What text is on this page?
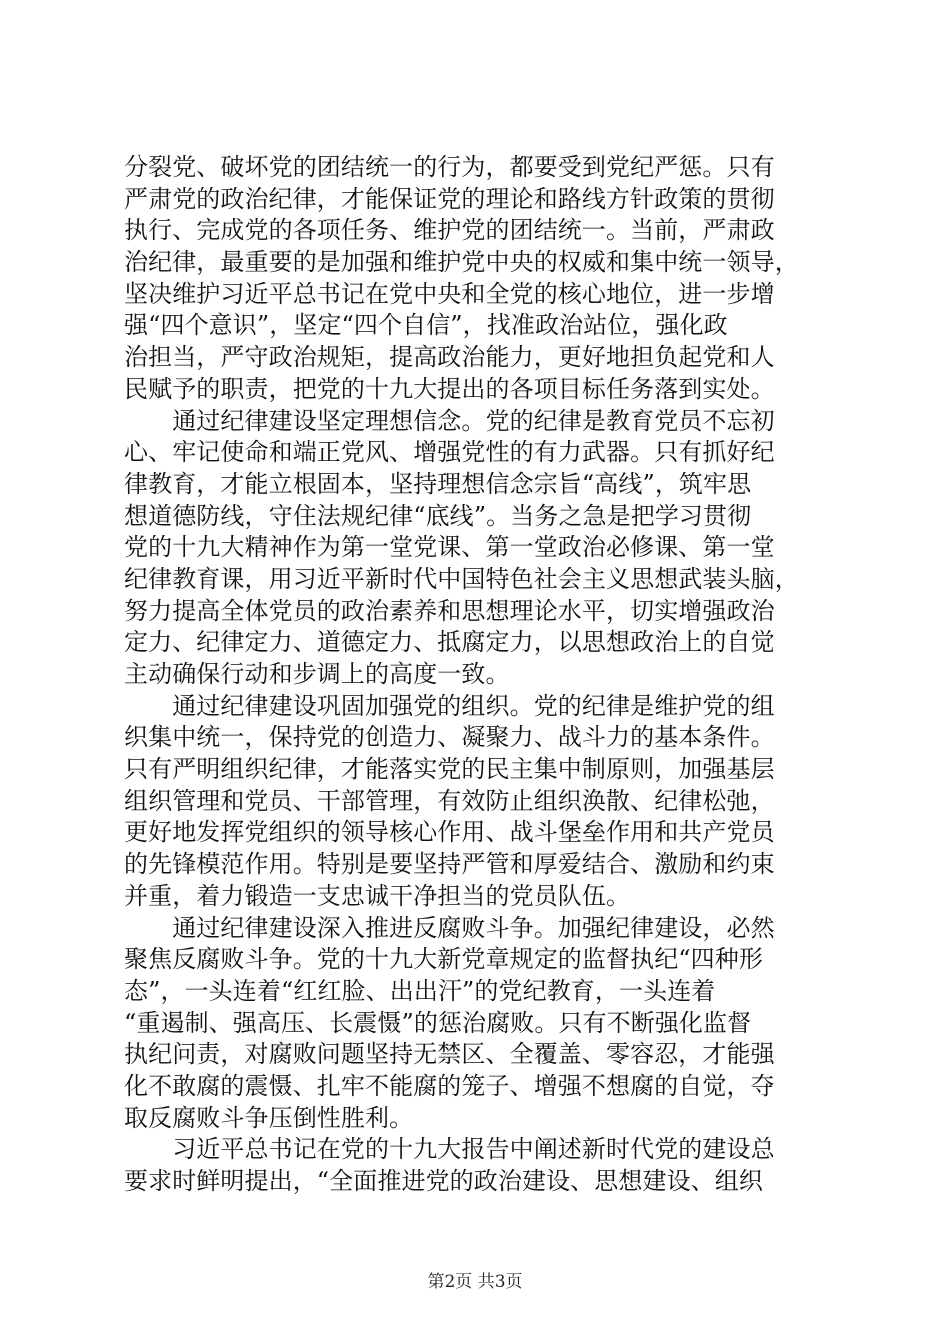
分裂党、破坏党的团结统一的行为，都要受到党纪严惩。只有
严肃党的政治纪律，才能保证党的理论和路线方针政策的贯彻
执行、完成党的各项任务、维护党的团结统一。当前，严肃政
治纪律，最重要的是加强和维护党中央的权威和集中统一领导，
坚决维护习近平总书记在党中央和全党的核心地位，进一步增
强“四个意识”，坚定“四个自信”，找准政治站位，强化政
治担当，严守政治规矩，提高政治能力，更好地担负起党和人
民赋予的职责，把党的十九大提出的各项目标任务落到实处。
　　通过纪律建设坚定理想信念。党的纪律是教育党员不忘初
心、牢记使命和端正党风、增强党性的有力武器。只有抓好纪
律教育，才能立根固本，坚持理想信念宗旨“高线”，筑牢思
想道德防线，守住法规纪律“底线”。当务之急是把学习贯彻
党的十九大精神作为第一堂党课、第一堂政治必修课、第一堂
纪律教育课，用习近平新时代中国特色社会主义思想武装头脑，
努力提高全体党员的政治素养和思想理论水平，切实增强政治
定力、纪律定力、道德定力、抵腐定力，以思想政治上的自觉
主动确保行动和步调上的高度一致。
　　通过纪律建设巩固加强党的组织。党的纪律是维护党的组
织集中统一，保持党的创造力、凝聚力、战斗力的基本条件。
只有严明组织纪律，才能落实党的民主集中制原则，加强基层
组织管理和党员、干部管理，有效防止组织涣散、纪律松弛，
更好地发挥党组织的领导核心作用、战斗堡垒作用和共产党员
的先锋模范作用。特别是要坚持严管和厚爱结合、激励和约束
并重，着力锻造一支忠诚干净担当的党员队伍。
　　通过纪律建设深入推进反腐败斗争。加强纪律建设，必然
聚焦反腐败斗争。党的十九大新党章规定的监督执纪“四种形
态”，一头连着“红红脸、出出汗”的党纪教育，一头连着
“重遏制、强高压、长震慑”的惩治腐败。只有不断强化监督
执纪问责，对腐败问题坚持无禁区、全覆盖、零容忍，才能强
化不敢腐的震慑、扎牢不能腐的笼子、增强不想腐的自觉，夺
取反腐败斗争压倒性胜利。
　　习近平总书记在党的十九大报告中阐述新时代党的建设总
要求时鲜明提出，“全面推进党的政治建设、思想建设、组织
第2页 共3页
